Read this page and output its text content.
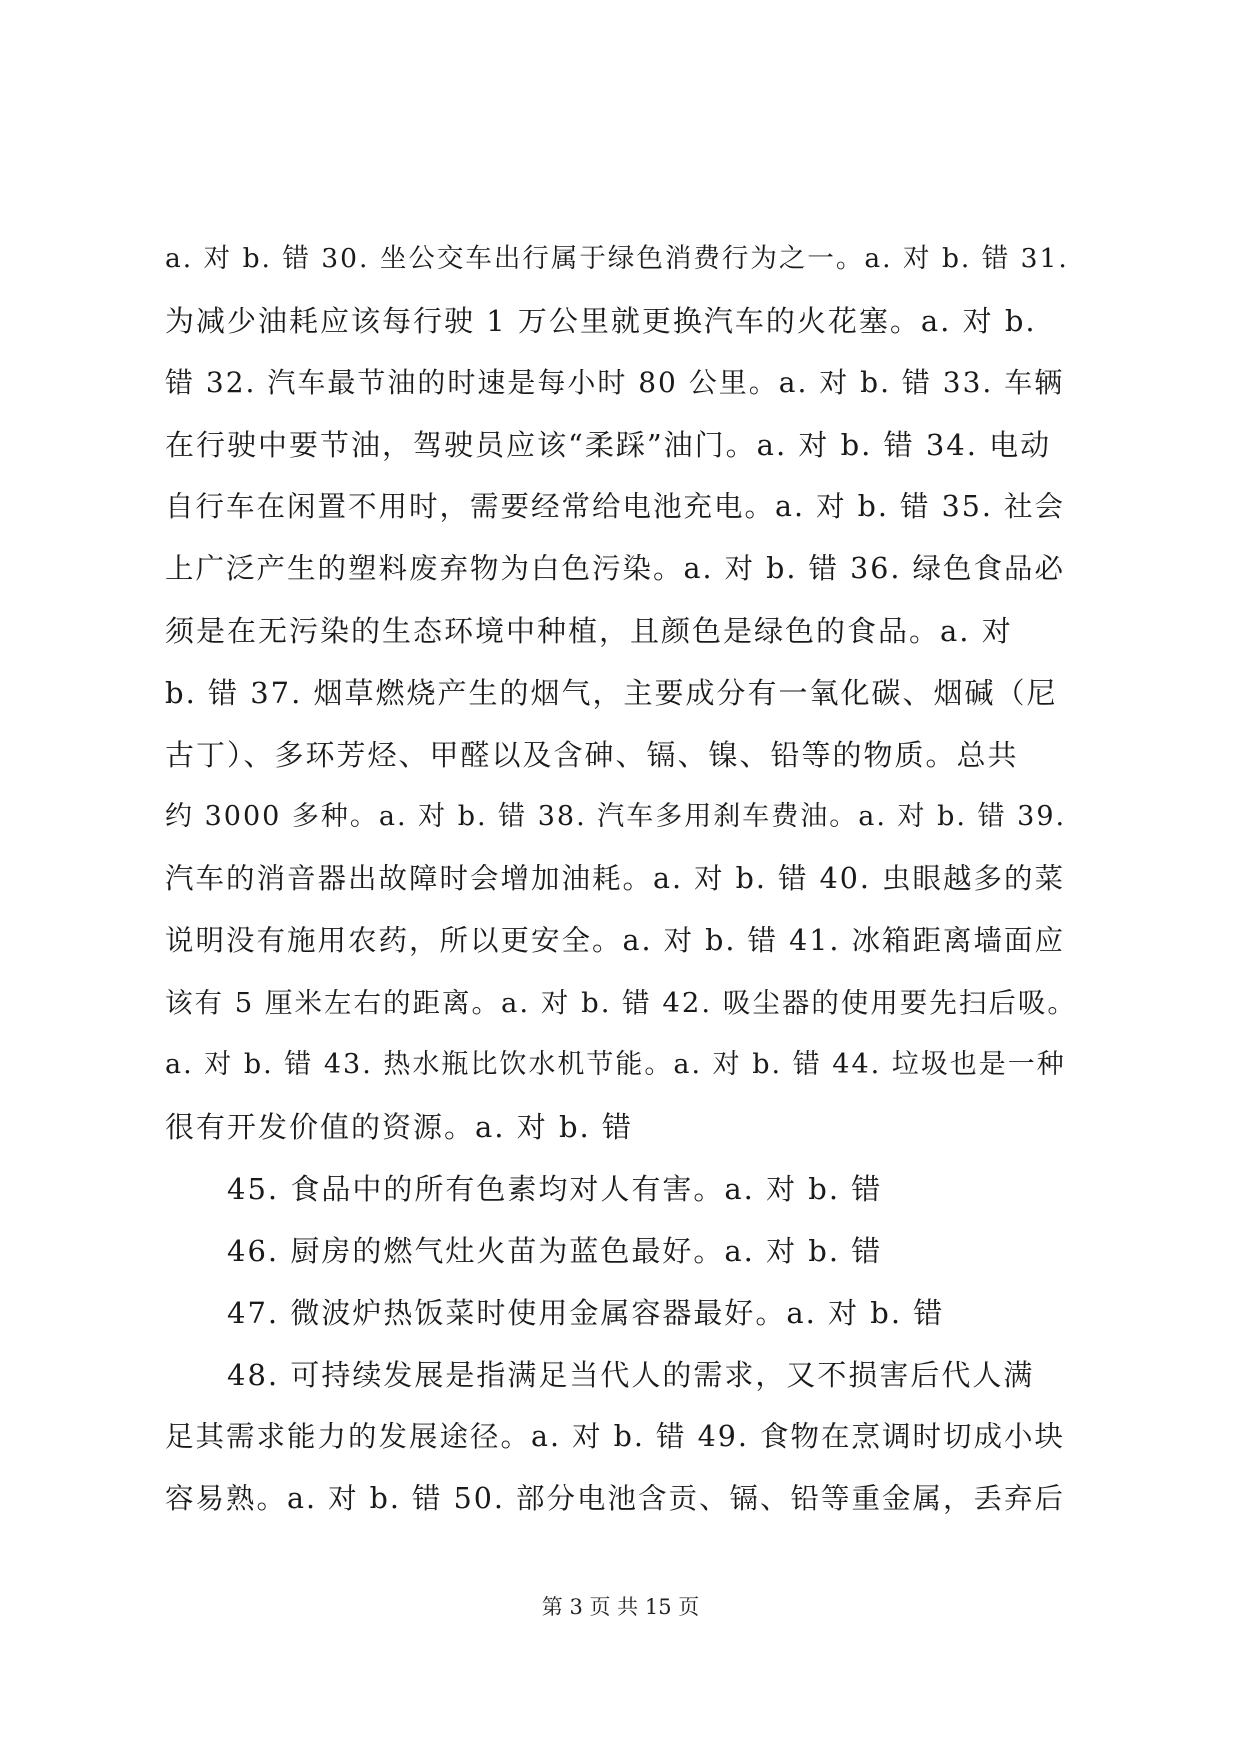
a. 对 b. 错 30. 坐公交车出行属于绿色消费行为之一。a. 对 b. 错 31.
为减少油耗应该每行驶 1 万公里就更换汽车的火花塞。a. 对 b.
错 32. 汽车最节油的时速是每小时 80 公里。a. 对 b. 错 33. 车辆
在行驶中要节油，驾驶员应该“柔踩”油门。a. 对 b. 错 34. 电动
自行车在闲置不用时，需要经常给电池充电。a. 对 b. 错 35. 社会
上广泛产生的塑料废弃物为白色污染。a. 对 b. 错 36. 绿色食品必
须是在无污染的生态环境中种植，且颜色是绿色的食品。a. 对
b. 错 37. 烟草燃烧产生的烟气，主要成分有一氧化碳、烟碱（尼
古丁）、多环芳烃、甲醛以及含砷、镉、镍、铅等的物质。总共
约 3000 多种。a. 对 b. 错 38. 汽车多用刹车费油。a. 对 b. 错 39.
汽车的消音器出故障时会增加油耗。a. 对 b. 错 40. 虫眼越多的菜
说明没有施用农药，所以更安全。a. 对 b. 错 41. 冰箱距离墙面应
该有 5 厘米左右的距离。a. 对 b. 错 42. 吸尘器的使用要先扫后吸。
a. 对 b. 错 43. 热水瓶比饮水机节能。a. 对 b. 错 44. 垃圾也是一种
很有开发价值的资源。a. 对 b. 错
45. 食品中的所有色素均对人有害。a. 对 b. 错
46. 厨房的燃气灶火苗为蓝色最好。a. 对 b. 错
47. 微波炉热饭菜时使用金属容器最好。a. 对 b. 错
48. 可持续发展是指满足当代人的需求，又不损害后代人满
足其需求能力的发展途径。a. 对 b. 错 49. 食物在烹调时切成小块
容易熟。a. 对 b. 错 50. 部分电池含贡、镉、铅等重金属，丢弃后
第 3 页 共 15 页
